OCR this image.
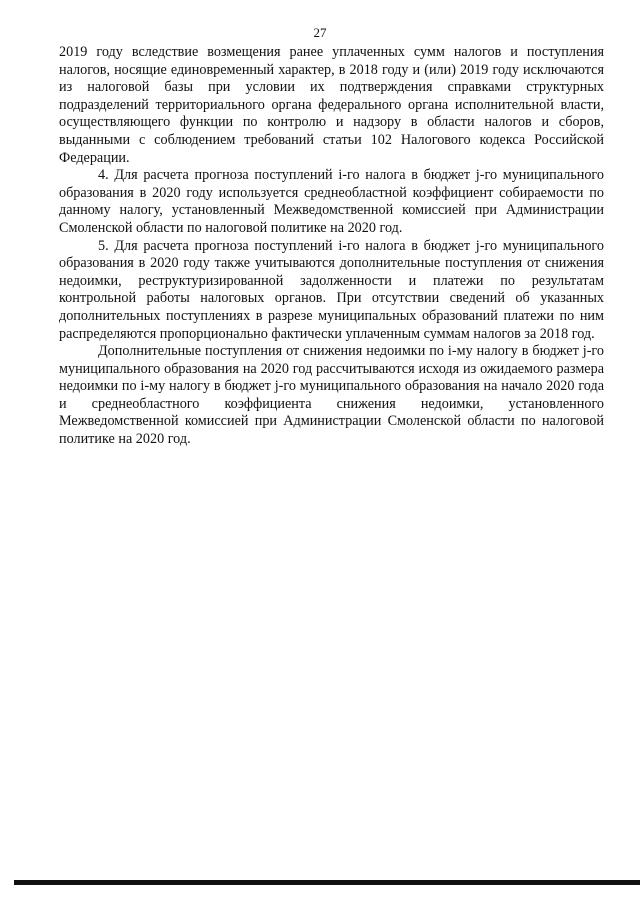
27

2019 году вследствие возмещения ранее уплаченных сумм налогов и поступления налогов, носящие единовременный характер, в 2018 году и (или) 2019 году исключаются из налоговой базы при условии их подтверждения справками структурных подразделений территориального органа федерального органа исполнительной власти, осуществляющего функции по контролю и надзору в области налогов и сборов, выданными с соблюдением требований статьи 102 Налогового кодекса Российской Федерации.

4. Для расчета прогноза поступлений i-го налога в бюджет j-го муниципального образования в 2020 году используется среднеобластной коэффициент собираемости по данному налогу, установленный Межведомственной комиссией при Администрации Смоленской области по налоговой политике на 2020 год.

5. Для расчета прогноза поступлений i-го налога в бюджет j-го муниципального образования в 2020 году также учитываются дополнительные поступления от снижения недоимки, реструктуризированной задолженности и платежи по результатам контрольной работы налоговых органов. При отсутствии сведений об указанных дополнительных поступлениях в разрезе муниципальных образований платежи по ним распределяются пропорционально фактически уплаченным суммам налогов за 2018 год.

Дополнительные поступления от снижения недоимки по i-му налогу в бюджет j-го муниципального образования на 2020 год рассчитываются исходя из ожидаемого размера недоимки по i-му налогу в бюджет j-го муниципального образования на начало 2020 года и среднеобластного коэффициента снижения недоимки, установленного Межведомственной комиссией при Администрации Смоленской области по налоговой политике на 2020 год.
